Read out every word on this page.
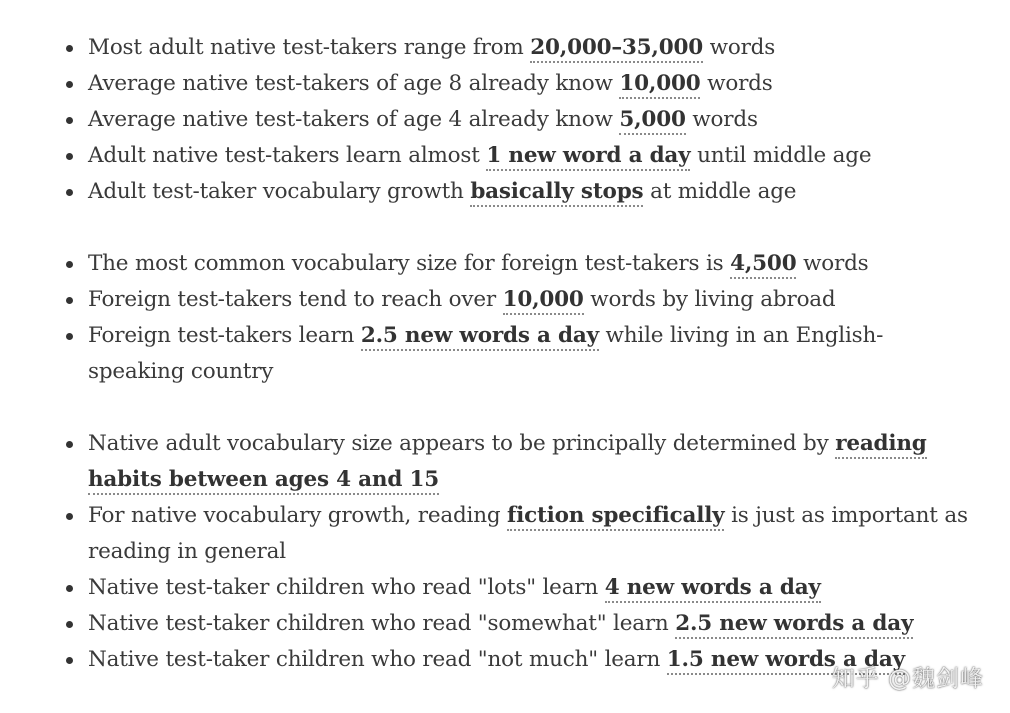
Most adult native test-takers range from 20,000–35,000 words
Average native test-takers of age 8 already know 10,000 words
Average native test-takers of age 4 already know 5,000 words
Adult native test-takers learn almost 1 new word a day until middle age
Adult test-taker vocabulary growth basically stops at middle age
The most common vocabulary size for foreign test-takers is 4,500 words
Foreign test-takers tend to reach over 10,000 words by living abroad
Foreign test-takers learn 2.5 new words a day while living in an English-speaking country
Native adult vocabulary size appears to be principally determined by reading habits between ages 4 and 15
For native vocabulary growth, reading fiction specifically is just as important as reading in general
Native test-taker children who read "lots" learn 4 new words a day
Native test-taker children who read "somewhat" learn 2.5 new words a day
Native test-taker children who read "not much" learn 1.5 new words a day
知乎 @魏剑峰
